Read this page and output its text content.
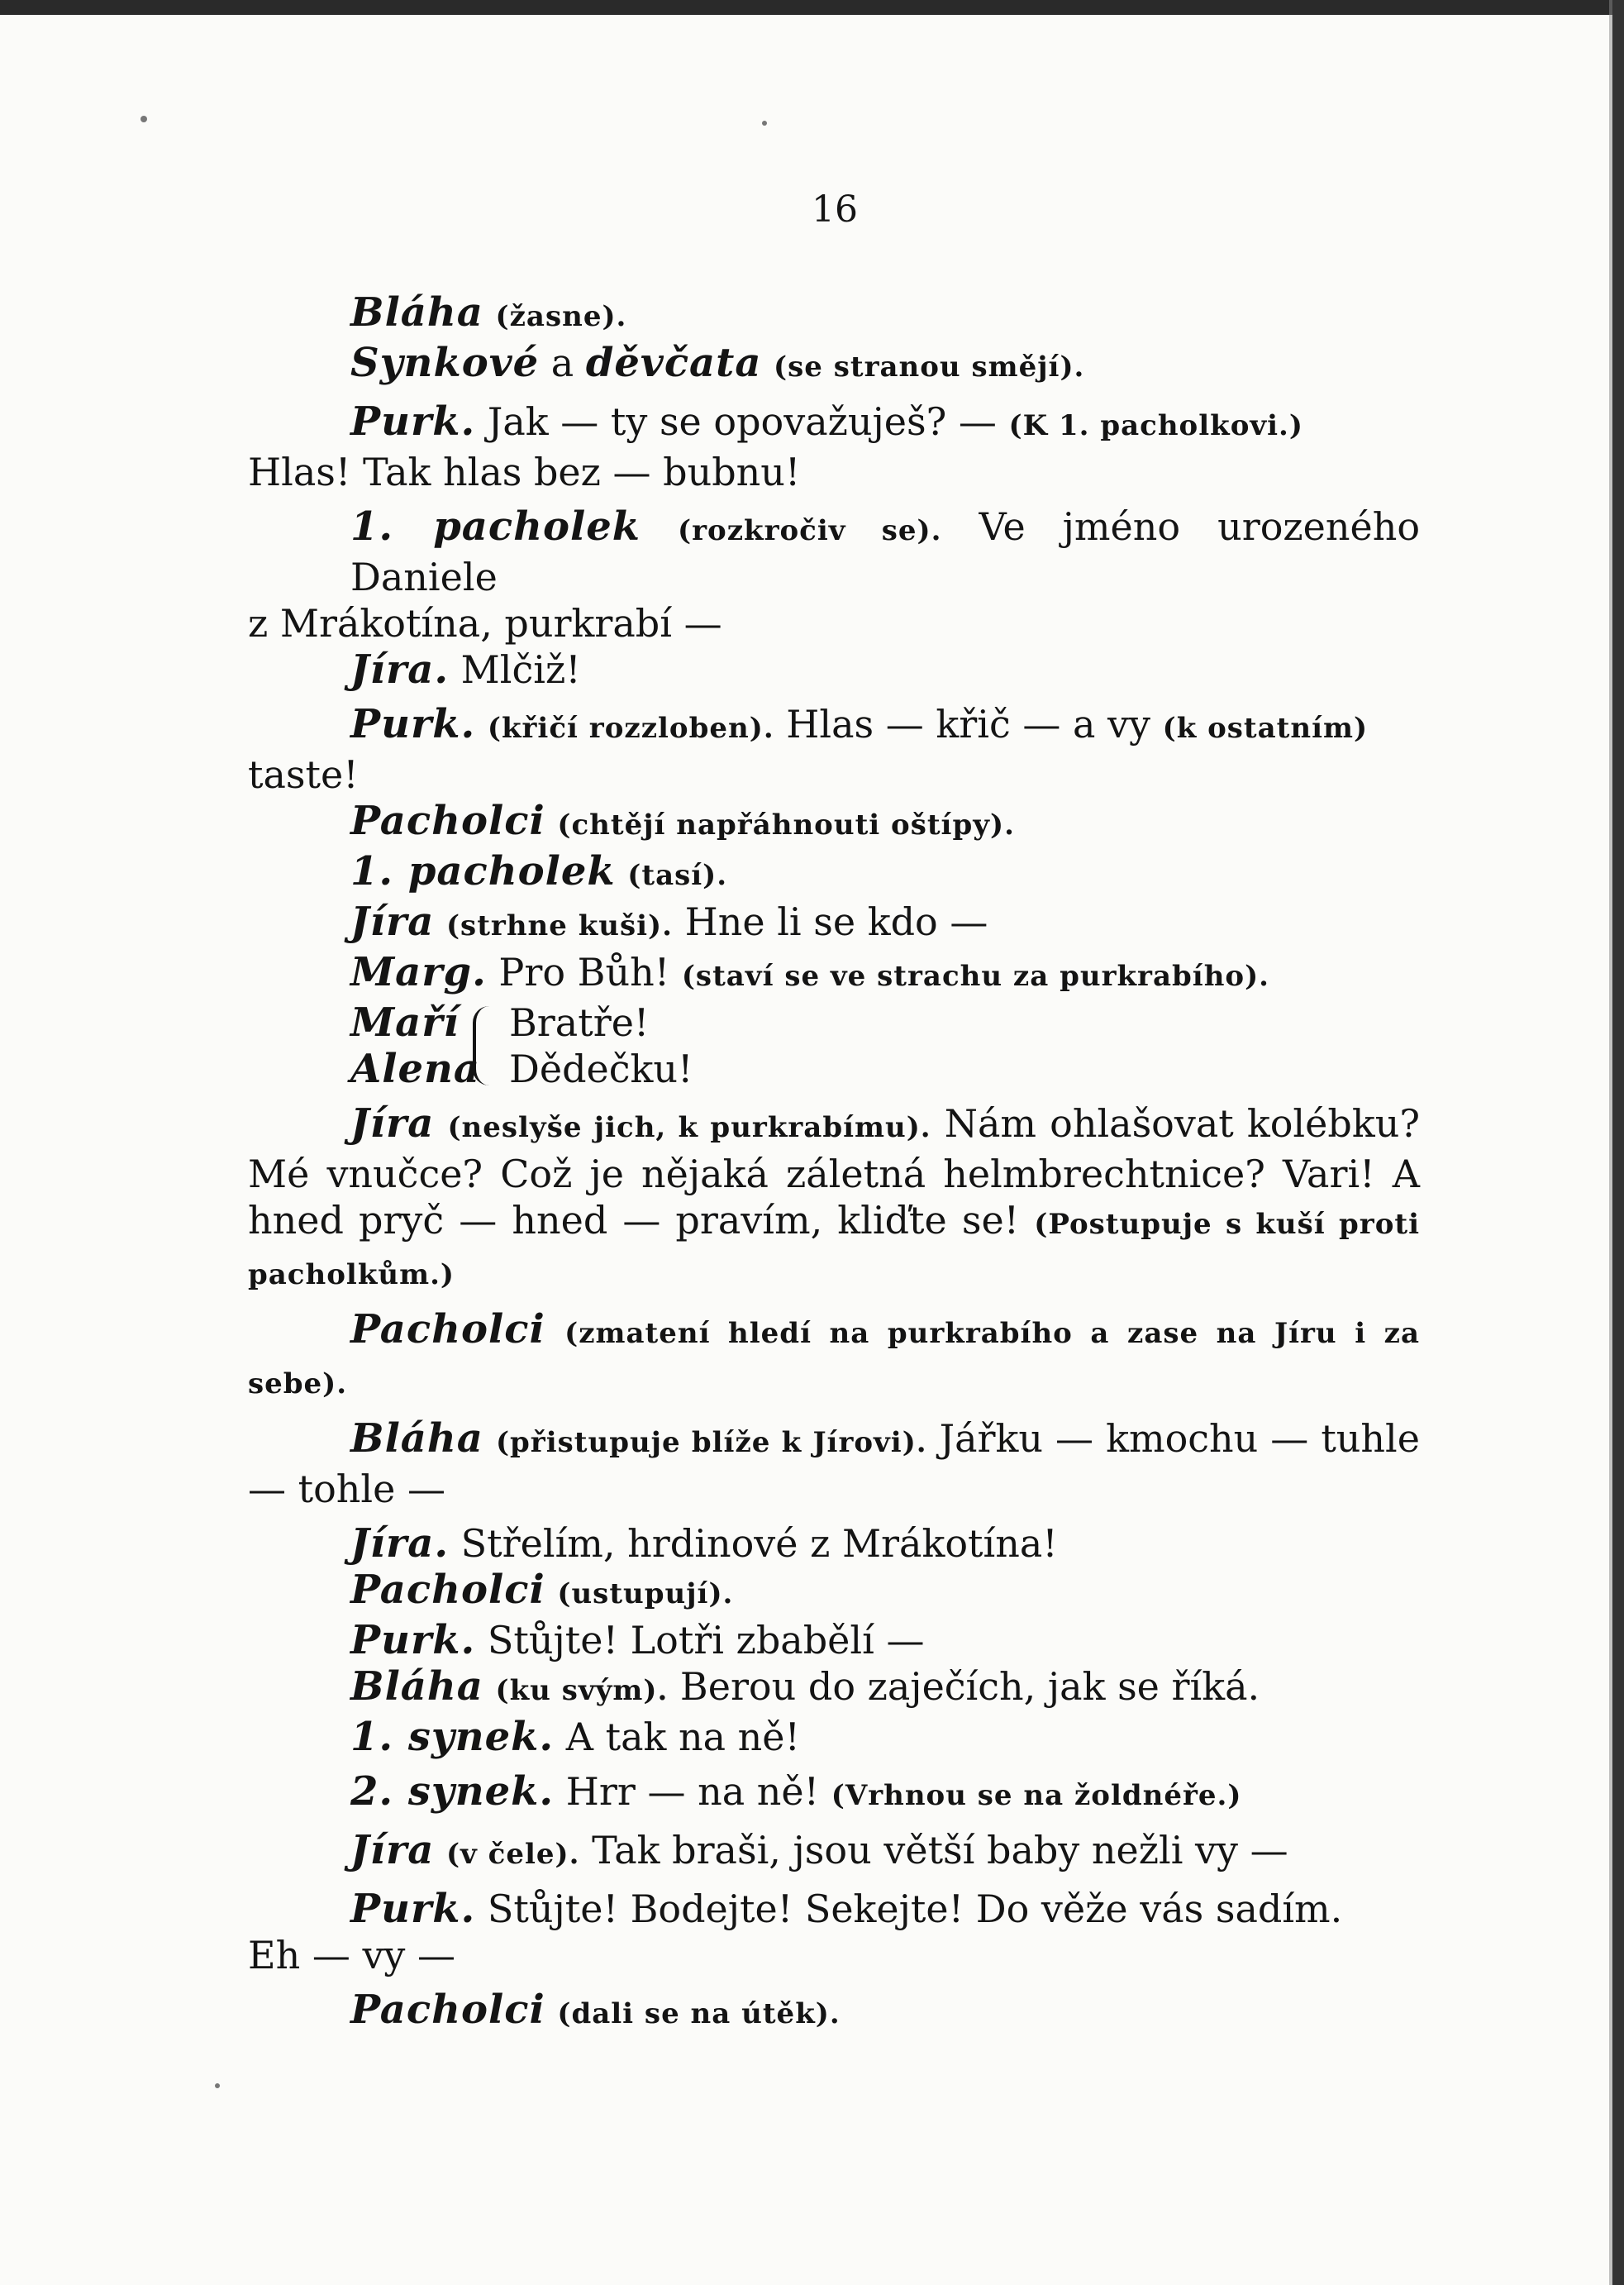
16

Bláha (žasne).

Synkové a děvčata (se stranou smějí).

Purk. Jak — ty se opovažuješ? — (K 1. pacholkovi.)
Hlas! Tak hlas bez — bubnu!

1. pacholek (rozkročiv se). Ve jméno urozeného Daniele
z Mrákotína, purkrabí —

Jíra. Mlčiž!

Purk. (křičí rozzloben). Hlas — křič — a vy (k ostatním)
taste!

Pacholci (chtějí napřáhnouti oštípy).

1. pacholek (tasí).

Jíra (strhne kuši). Hne li se kdo —

Marg. Pro Bůh! (staví se ve strachu za purkrabího).

Maří
Alena
Bratře!
Dědečku!

Jíra (neslyše jich, k purkrabímu). Nám ohlašovat kolébku? Mé vnučce? Což je nějaká záletná helmbrechtnice? Vari! A hned pryč — hned — pravím, kliďte se! (Postupuje s kuší proti pacholkům.)

Pacholci (zmatení hledí na purkrabího a zase na Jíru i za sebe).

Bláha (přistupuje blíže k Jírovi). Jářku — kmochu — tuhle — tohle —

Jíra. Střelím, hrdinové z Mrákotína!

Pacholci (ustupují).

Purk. Stůjte! Lotři zbabělí —

Bláha (ku svým). Berou do zaječích, jak se říká.

1. synek. A tak na ně!

2. synek. Hrr — na ně! (Vrhnou se na žoldnéře.)

Jíra (v čele). Tak braši, jsou větší baby nežli vy —

Purk. Stůjte! Bodejte! Sekejte! Do věže vás sadím.
Eh — vy —

Pacholci (dali se na útěk).
